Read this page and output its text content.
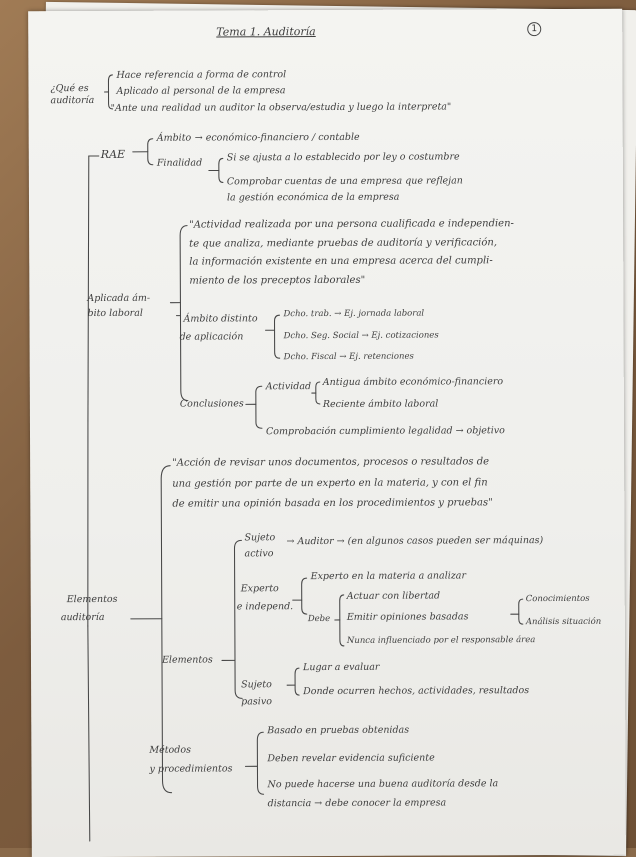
1
Tema 1. Auditoría
¿Qué es
auditoría
Hace referencia a forma de control
Aplicado al personal de la empresa
"Ante una realidad un auditor la observa/estudia y luego la interpreta"
RAE
Ámbito → económico-financiero / contable
Finalidad	Si se ajusta a lo establecido por ley o costumbre
Comprobar cuentas de una empresa que reflejan
la gestión económica de la empresa
Aplicada ám-
bito laboral
"Actividad realizada por una persona cualificada e independien-
te que analiza, mediante pruebas de auditoría y verificación,
la información existente en una empresa acerca del cumpli-
miento de los preceptos laborales"
Ámbito distinto
de aplicación
Dcho. trab. → Ej. jornada laboral
Dcho. Seg. Social → Ej. cotizaciones
Dcho. Fiscal → Ej. retenciones
Conclusiones
Actividad Antigua ámbito económico-financiero
Reciente ámbito laboral
Comprobación cumplimiento legalidad → objetivo
Elementos
auditoría
"Acción de revisar unos documentos, procesos o resultados de
una gestión por parte de un experto en la materia, y con el fin
de emitir una opinión basada en los procedimientos y pruebas"
Elementos
Sujeto
activo
→ Auditor → (en algunos casos pueden ser máquinas)
Experto
e independ.
Experto en la materia a analizar
Debe
Actuar con libertad
Emitir opiniones basadas
Nunca influenciado por el responsable área
Conocimientos
Análisis situación
Sujeto
pasivo
Lugar a evaluar
Donde ocurren hechos, actividades, resultados
Métodos
y procedimientos
Basado en pruebas obtenidas
Deben revelar evidencia suficiente
No puede hacerse una buena auditoría desde la
distancia → debe conocer la empresa
